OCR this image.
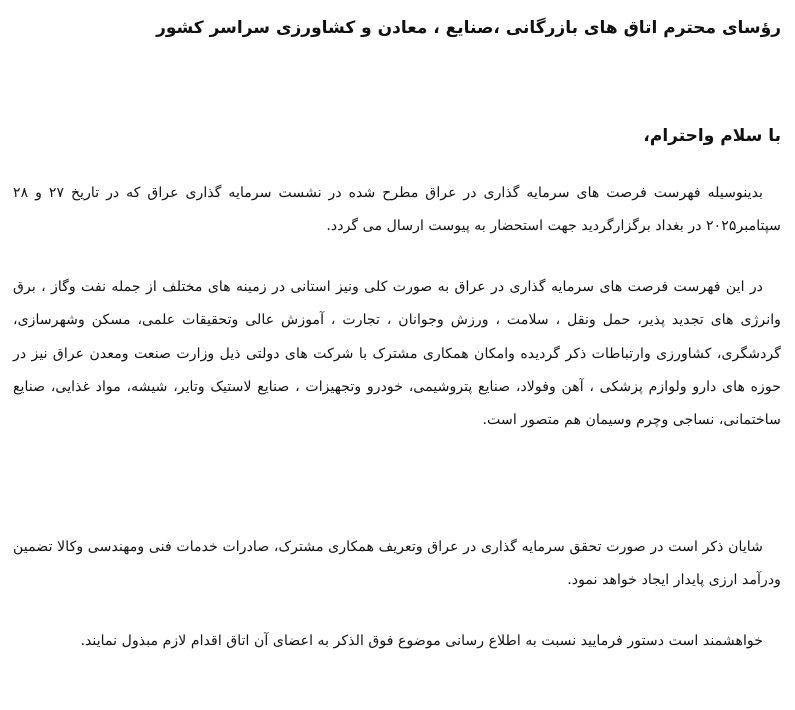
رؤسای محترم اتاق های بازرگانی ،صنایع ، معادن و کشاورزی سراسر کشور

با سلام واحترام،

بدینوسیله فهرست فرصت های سرمایه گذاری در عراق مطرح شده در نشست سرمایه گذاری عراق که در تاریخ ۲۷ و ۲۸ سپتامبر۲۰۲۵ در بغداد برگزارگردید جهت استحضار به پیوست ارسال می گردد.

در این فهرست فرصت های سرمایه گذاری در عراق به صورت کلی ونیز استانی در زمینه های مختلف از جمله نفت وگاز ، برق وانرژی های تجدید پذیر، حمل ونقل ، سلامت ، ورزش وجوانان ، تجارت ، آموزش عالی وتحقیقات علمی، مسکن وشهرسازی، گردشگری، کشاورزی وارتباطات ذکر گردیده وامکان همکاری مشترک با شرکت های دولتی ذیل وزارت صنعت ومعدن عراق نیز در حوزه های دارو ولوازم پزشکی ، آهن وفولاد، صنایع پتروشیمی، خودرو وتجهیزات ، صنایع لاستیک وتایر، شیشه، مواد غذایی، صنایع ساختمانی، نساجی وچرم وسیمان هم متصور است.

شایان ذکر است در صورت تحقق سرمایه گذاری در عراق وتعریف همکاری مشترک، صادرات خدمات فنی ومهندسی وکالا تضمین ودرآمد ارزی پایدار ایجاد خواهد نمود.

خواهشمند است دستور فرمایید نسبت به اطلاع رسانی موضوع فوق الذکر به اعضای آن اتاق اقدام لازم مبذول نمایند.
